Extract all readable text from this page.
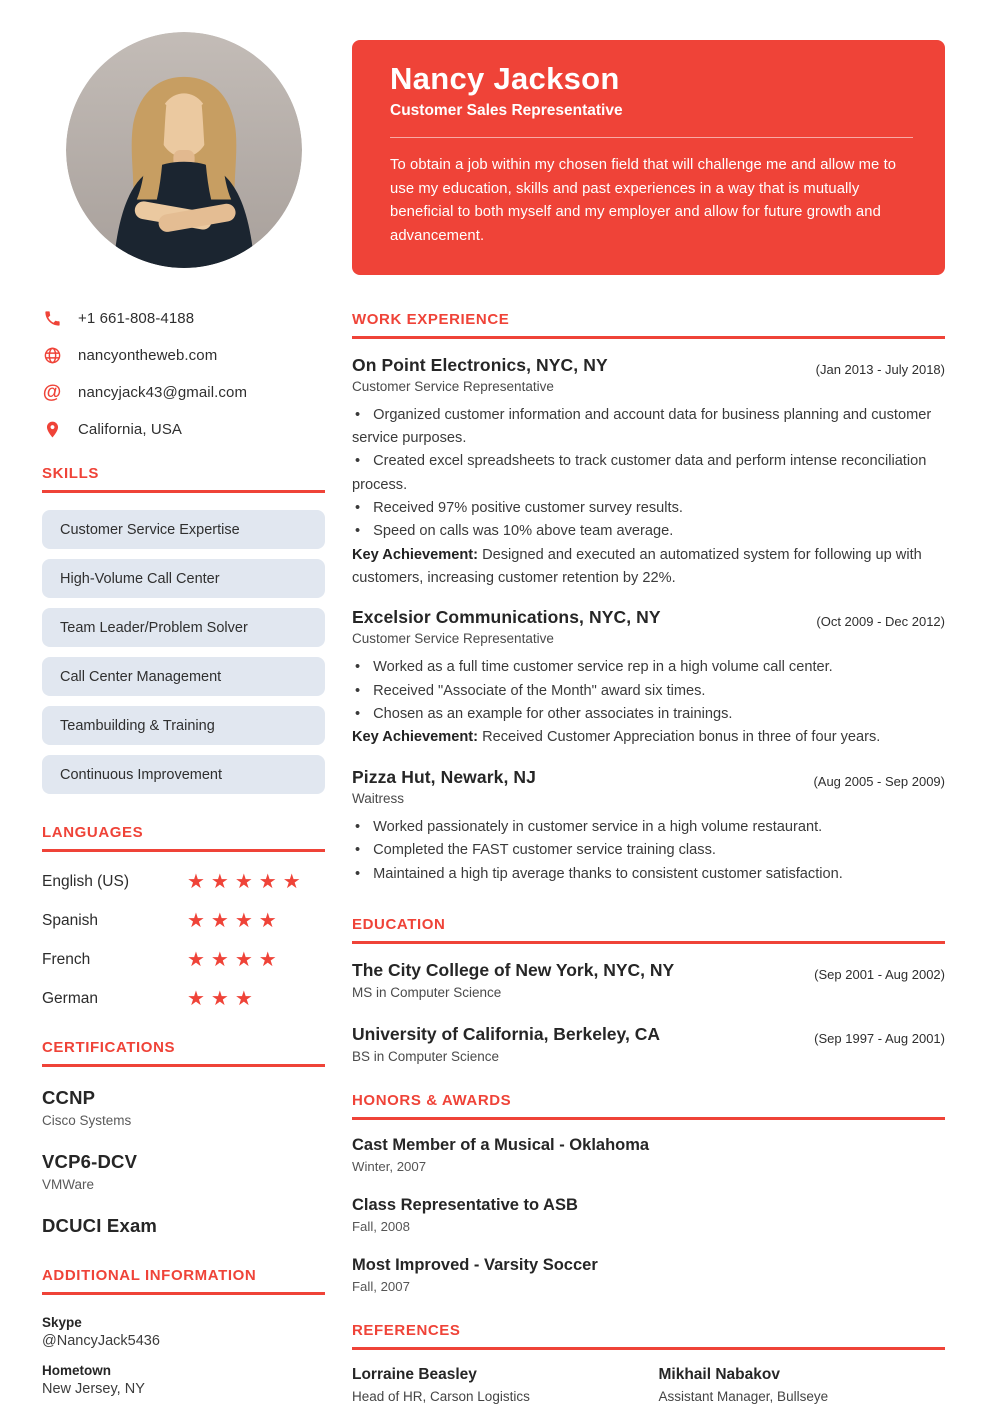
+1 661-808-4188
nancyontheweb.com
@ nancyjack43@gmail.com
California, USA
SKILLS
Customer Service Expertise
High-Volume Call Center
Team Leader/Problem Solver
Call Center Management
Teambuilding & Training
Continuous Improvement
LANGUAGES
English (US)	★★★★★
Spanish	★★★★
French	★★★★
German	★★★
CERTIFICATIONS
CCNP
Cisco Systems
VCP6-DCV
VMWare
DCUCI Exam
ADDITIONAL INFORMATION
Skype
@NancyJack5436
Hometown
New Jersey, NY
Nancy Jackson
Customer Sales Representative
To obtain a job within my chosen field that will challenge me and allow me to use my education, skills and past experiences in a way that is mutually beneficial to both myself and my employer and allow for future growth and advancement.
WORK EXPERIENCE
On Point Electronics, NYC, NY
Customer Service Representative
(Jan 2013 - July 2018)

• Organized customer information and account data for business planning and customer service purposes.

• Created excel spreadsheets to track customer data and perform intense reconciliation process.

• Received 97% positive customer survey results.

• Speed on calls was 10% above team average.

Key Achievement: Designed and executed an automatized system for following up with customers, increasing customer retention by 22%.

Excelsior Communications, NYC, NY
Customer Service Representative
(Oct 2009 - Dec 2012)

• Worked as a full time customer service rep in a high volume call center.

• Received "Associate of the Month" award six times.

• Chosen as an example for other associates in trainings.

Key Achievement: Received Customer Appreciation bonus in three of four years.

Pizza Hut, Newark, NJ
Waitress
(Aug 2005 - Sep 2009)

• Worked passionately in customer service in a high volume restaurant.

• Completed the FAST customer service training class.

• Maintained a high tip average thanks to consistent customer satisfaction.

EDUCATION
The City College of New York, NYC, NY
MS in Computer Science
(Sep 2001 - Aug 2002)
University of California, Berkeley, CA
BS in Computer Science
(Sep 1997 - Aug 2001)
HONORS & AWARDS
Cast Member of a Musical - Oklahoma
Winter, 2007
Class Representative to ASB
Fall, 2008
Most Improved - Varsity Soccer
Fall, 2007
REFERENCES
Lorraine Beasley
Head of HR, Carson Logistics
Mikhail Nabakov
Assistant Manager, Bullseye
